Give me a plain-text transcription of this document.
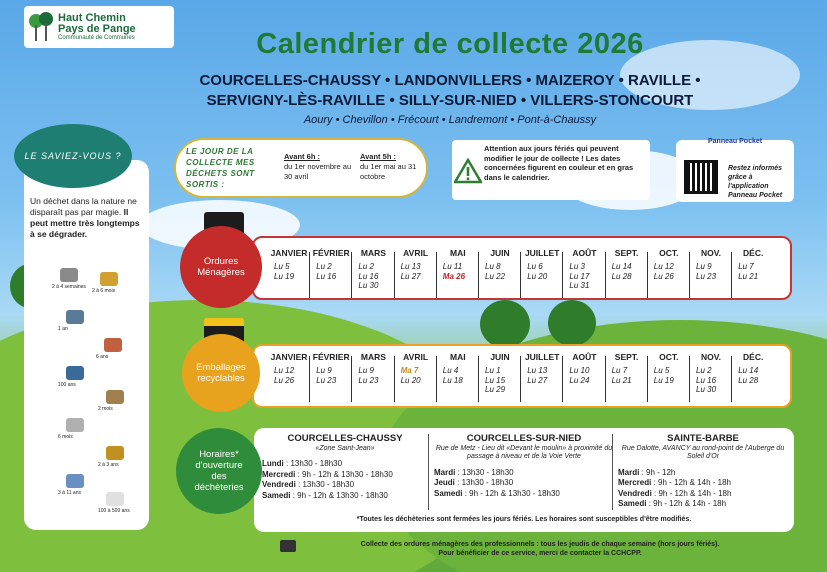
Haut Chemin
Pays de Pange
Communauté de Communes	Calendrier de collecte 2026
COURCELLES-CHAUSSY • LANDONVILLERS • MAIZEROY • RAVILLE •
SERVIGNY-LÈS-RAVILLE • SILLY-SUR-NIED • VILLERS-STONCOURT
Aoury • Chevillon • Frécourt • Landremont • Pont-à-Chaussy
LE SAVIEZ-VOUS ?
Un déchet dans la nature ne disparaît pas par magie. Il peut mettre très longtemps à se dégrader.
2 à 4 semaines
2 à 6 mois
1 an
6 ans
100 ans
2 mois
6 mois
2 à 3 ans
3 à 11 ans
100 à 500 ans
LE JOUR DE LA COLLECTE MES DÉCHETS SONT SORTIS :
Avant 6h :
du 1er novembre au 30 avril
Avant 5h :
du 1er mai au 31 octobre
Attention aux jours fériés qui peuvent modifier le jour de collecte ! Les dates concernées figurent en couleur et en gras dans le calendrier.
Panneau Pocket
Restez informés grâce à l'application Panneau Pocket
Ordures
Ménagères
JANVIER
Lu 5
Lu 19
FÉVRIER
Lu 2
Lu 16
MARS
Lu 2
Lu 16
Lu 30
AVRIL
Lu 13
Lu 27
MAI
Lu 11
Ma 26
JUIN
Lu 8
Lu 22
JUILLET
Lu 6
Lu 20
AOÛT
Lu 3
Lu 17
Lu 31
SEPT.
Lu 14
Lu 28
OCT.
Lu 12
Lu 26
NOV.
Lu 9
Lu 23
DÉC.
Lu 7
Lu 21
Emballages
recyclables
JANVIER
Lu 12
Lu 26
FÉVRIER
Lu 9
Lu 23
MARS
Lu 9
Lu 23
AVRIL
Ma 7
Lu 20
MAI
Lu 4
Lu 18
JUIN
Lu 1
Lu 15
Lu 29
JUILLET
Lu 13
Lu 27
AOÛT
Lu 10
Lu 24
SEPT.
Lu 7
Lu 21
OCT.
Lu 5
Lu 19
NOV.
Lu 2
Lu 16
Lu 30
DÉC.
Lu 14
Lu 28
Horaires*
d'ouverture
des
déchèteries
COURCELLES-CHAUSSY
«Zone Saint-Jean»
Lundi : 13h30 - 18h30
Mercredi : 9h - 12h & 13h30 - 18h30
Vendredi : 13h30 - 18h30
Samedi : 9h - 12h & 13h30 - 18h30
COURCELLES-SUR-NIED
Rue de Metz - Lieu dit «Devant le moulin» à proximité du passage à niveau et de la Voie Verte
Mardi : 13h30 - 18h30
Jeudi : 13h30 - 18h30
Samedi : 9h - 12h & 13h30 - 18h30
SAINTE-BARBE
Rue Dalotte, AVANCY au rond-point de l'Auberge du Soleil d'Or
Mardi : 9h - 12h
Mercredi : 9h - 12h & 14h - 18h
Vendredi : 9h - 12h & 14h - 18h
Samedi : 9h - 12h & 14h - 18h
*Toutes les déchèteries sont fermées les jours fériés. Les horaires sont susceptibles d'être modifiés.
Collecte des ordures ménagères des professionnels : tous les jeudis de chaque semaine (hors jours fériés).
Pour bénéficier de ce service, merci de contacter la CCHCPP.
